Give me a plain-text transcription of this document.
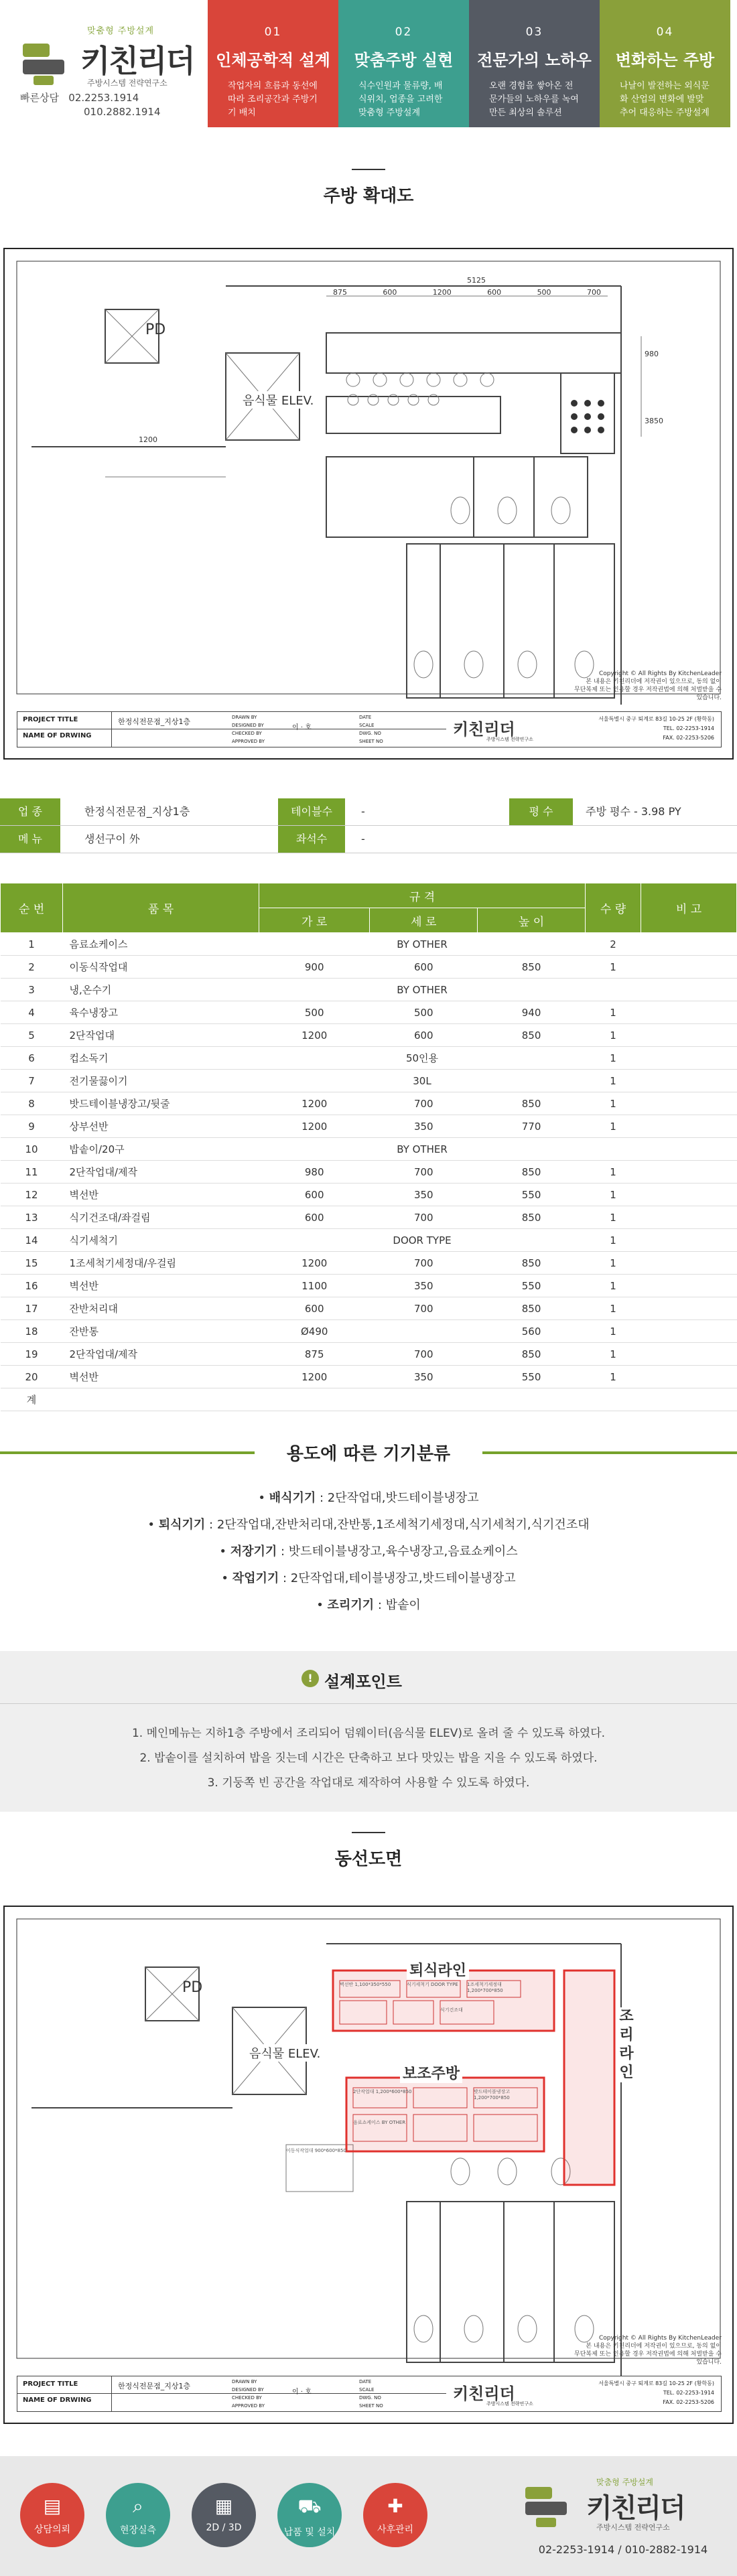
맞춤형 주방설계
키친리더
주방시스템 전략연구소
빠른상담 02.2253.1914
010.2882.1914
01
인체공학적 설계
작업자의 흐름과 동선에 따라 조리공간과 주방기기 배치
02
맞춤주방 실현
식수인원과 물류량, 배식위치, 업종을 고려한 맞춤형 주방설계
03
전문가의 노하우
오랜 경험을 쌓아온 전문가들의 노하우를 녹여만든 최상의 솔루션
04
변화하는 주방
나날이 발전하는 외식문화 산업의 변화에 발맞추어 대응하는 주방설계
주방 확대도
PD
음식물 ELEV.
5125
875	600	1200	600	500	700
1200
980
3850
Copyright © All Rights By KitchenLeader
본 내용은 키친리더에 저작권이 있으므로, 동의 없이
무단복제 또는 인용할 경우 저작권법에 의해 처벌받을 수 있습니다.
PROJECT TITLE
NAME OF DRWING
한정식전문점_지상1층	DRAWN BY
DESIGNED BY
CHECKED BY
APPROVED BY
이 · 호
DATE
SCALE
DWG. NO
SHEET NO
키친리더
주방시스템 전략연구소
서울특별시 중구 퇴계로 83길 10-25 2F (황학동)
TEL. 02-2253-1914
FAX. 02-2253-5206
업 종	한정식전문점_지상1층	테이블수	-	평 수	주방 평수 - 3.98 PY
메 뉴	생선구이 外	좌석수	-
순 번	품 목	규 격			수 량	비 고
		가 로	세 로	높 이		
1	음료쇼케이스	BY OTHER			2	
2	이동식작업대	900	600	850	1	
3	냉,온수기	BY OTHER				
4	육수냉장고	500	500	940	1	
5	2단작업대	1200	600	850	1	
6	컵소독기	50인용			1	
7	전기물끓이기	30L			1	
8	밧드테이블냉장고/뒷줄	1200	700	850	1	
9	상부선반	1200	350	770	1	
10	밥솥이/20구	BY OTHER				
11	2단작업대/제작	980	700	850	1	
12	벽선반	600	350	550	1	
13	식기건조대/좌걸림	600	700	850	1	
14	식기세척기	DOOR TYPE			1	
15	1조세척기세정대/우걸림	1200	700	850	1	
16	벽선반	1100	350	550	1	
17	잔반처리대	600	700	850	1	
18	잔반통	Ø490		560	1	
19	2단작업대/제작	875	700	850	1	
20	벽선반	1200	350	550	1	
계						
용도에 따른 기기분류
• 배식기기 : 2단작업대,밧드테이블냉장고
• 퇴식기기 : 2단작업대,잔반처리대,잔반통,1조세척기세정대,식기세척기,식기건조대
• 저장기기 : 밧드테이블냉장고,육수냉장고,음료쇼케이스
• 작업기기 : 2단작업대,테이블냉장고,밧드테이블냉장고
• 조리기기 : 밥솥이
! 설계포인트
1. 메인메뉴는 지하1층 주방에서 조리되어 덤웨이터(음식물 ELEV)로 올려 줄 수 있도록 하였다.
2. 밥솥이를 설치하여 밥을 짓는데 시간은 단축하고 보다 맛있는 밥을 지을 수 있도록 하였다.
3. 기둥쪽 빈 공간을 작업대로 제작하여 사용할 수 있도록 하였다.
동선도면
PD
음식물 ELEV.
퇴식라인
보조주방
조리라인
벽선반 1,100*350*550	1조세척기세정대 1,200*700*850
식기세척기 DOOR TYPE
식기건조대
2단작업대 1,200*600*850	밧드테이블냉장고 1,200*700*850
음료쇼케이스 BY OTHER
이동식작업대 900*600*850
Copyright © All Rights By KitchenLeader
본 내용은 키친리더에 저작권이 있으므로, 동의 없이
무단복제 또는 인용할 경우 저작권법에 의해 처벌받을 수 있습니다.
PROJECT TITLE
NAME OF DRWING
한정식전문점_지상1층	DRAWN BY
DESIGNED BY
CHECKED BY
APPROVED BY
이 · 호
DATE
SCALE
DWG. NO
SHEET NO
키친리더
주방시스템 전략연구소
서울특별시 중구 퇴계로 83길 10-25 2F (황학동)
TEL. 02-2253-1914
FAX. 02-2253-5206
▤
상담의뢰
⌕
현장실측
▦
2D / 3D
⛟
납품 및 설치
✚
사후관리
맞춤형 주방설계
키친리더
주방시스템 전략연구소
02-2253-1914 / 010-2882-1914
